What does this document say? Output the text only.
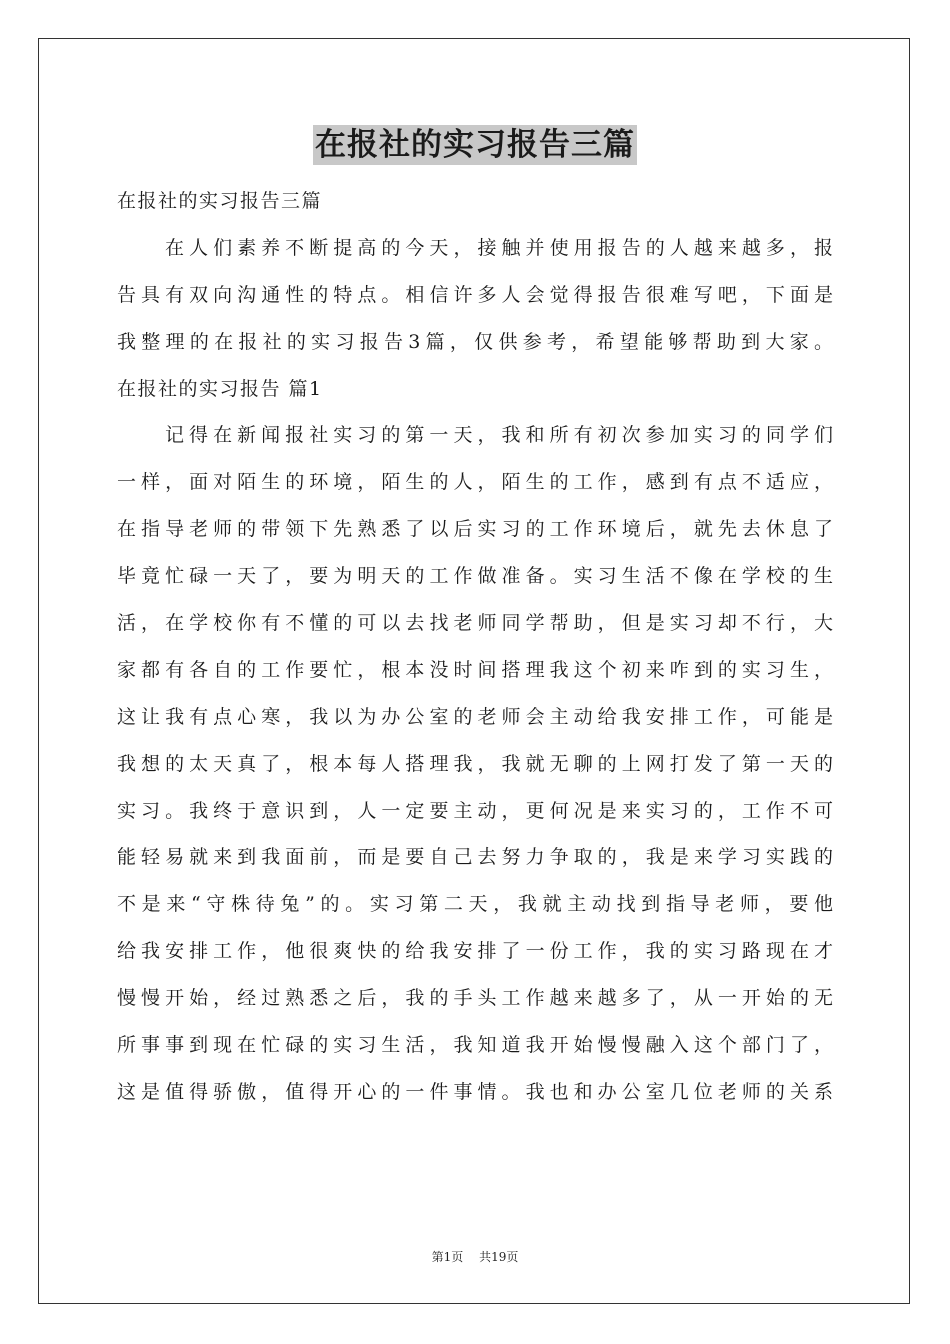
在报社的实习报告三篇
在报社的实习报告三篇
在人们素养不断提高的今天，接触并使用报告的人越来越多，报
告具有双向沟通性的特点。相信许多人会觉得报告很难写吧，下面是
我整理的在报社的实习报告3篇，仅供参考，希望能够帮助到大家。
在报社的实习报告 篇1
记得在新闻报社实习的第一天，我和所有初次参加实习的同学们
一样，面对陌生的环境，陌生的人，陌生的工作，感到有点不适应，
在指导老师的带领下先熟悉了以后实习的工作环境后，就先去休息了
毕竟忙碌一天了，要为明天的工作做准备。实习生活不像在学校的生
活，在学校你有不懂的可以去找老师同学帮助，但是实习却不行，大
家都有各自的工作要忙，根本没时间搭理我这个初来咋到的实习生，
这让我有点心寒，我以为办公室的老师会主动给我安排工作，可能是
我想的太天真了，根本每人搭理我，我就无聊的上网打发了第一天的
实习。我终于意识到，人一定要主动，更何况是来实习的，工作不可
能轻易就来到我面前，而是要自己去努力争取的，我是来学习实践的
不是来“守株待兔”的。实习第二天，我就主动找到指导老师，要他
给我安排工作，他很爽快的给我安排了一份工作，我的实习路现在才
慢慢开始，经过熟悉之后，我的手头工作越来越多了，从一开始的无
所事事到现在忙碌的实习生活，我知道我开始慢慢融入这个部门了，
这是值得骄傲，值得开心的一件事情。我也和办公室几位老师的关系
第1页 共19页
